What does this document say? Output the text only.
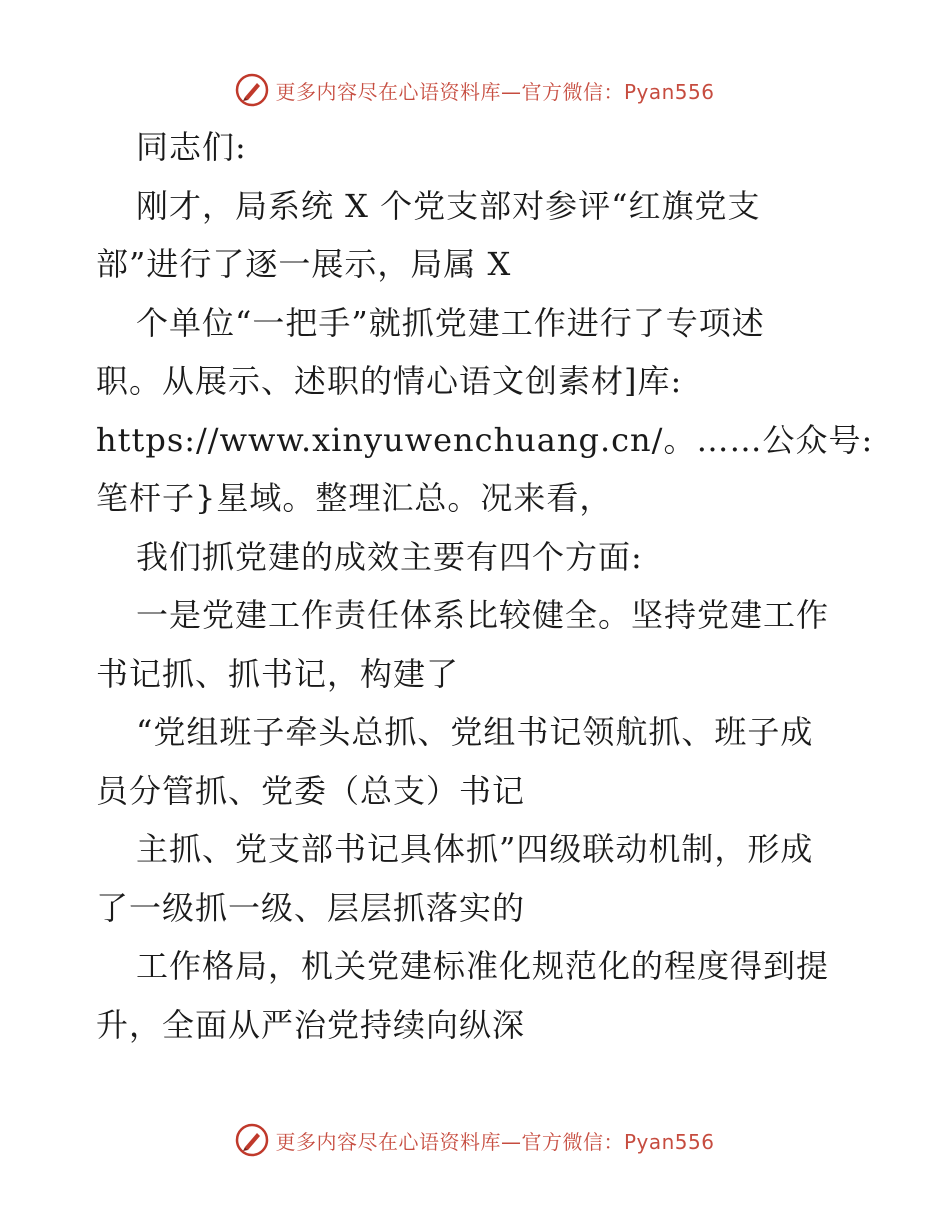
更多内容尽在心语资料库—官方微信：Pyan556
同志们:
刚才，局系统 X 个党支部对参评“红旗党支
部”进行了逐一展示，局属 X
个单位“一把手”就抓党建工作进行了专项述
职。从展示、述职的情心语文创素材]库:
https://www.xinyuwenchuang.cn/。……公众号:
笔杆子}星域。整理汇总。况来看，
我们抓党建的成效主要有四个方面:
一是党建工作责任体系比较健全。坚持党建工作
书记抓、抓书记，构建了
“党组班子牵头总抓、党组书记领航抓、班子成
员分管抓、党委（总支）书记
主抓、党支部书记具体抓”四级联动机制，形成
了一级抓一级、层层抓落实的
工作格局，机关党建标准化规范化的程度得到提
升，全面从严治党持续向纵深
更多内容尽在心语资料库—官方微信：Pyan556
